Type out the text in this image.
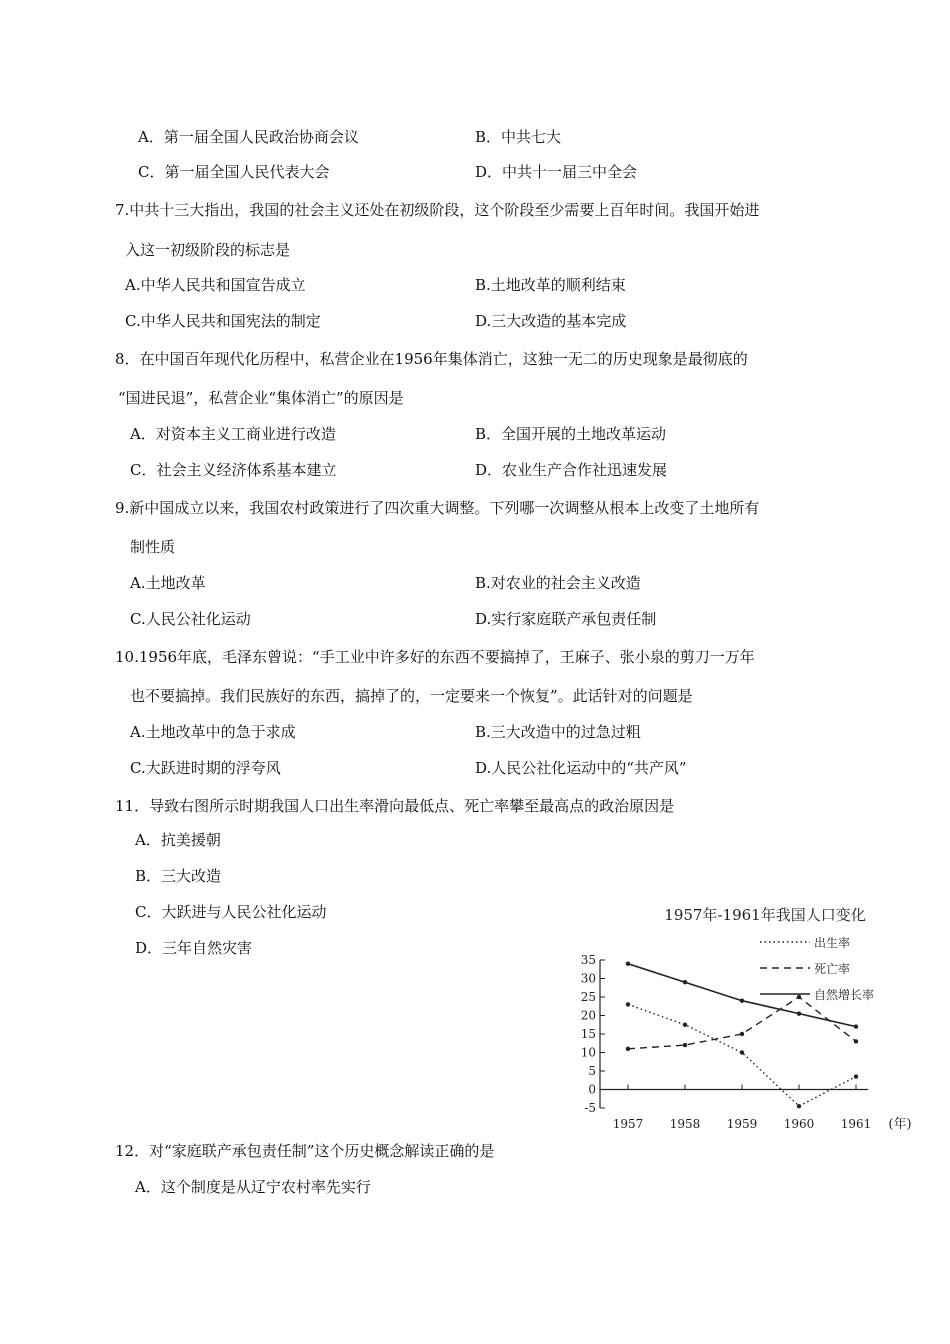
A．第一届全国人民政治协商会议	B．中共七大
C．第一届全国人民代表大会	D．中共十一届三中全会
7.中共十三大指出，我国的社会主义还处在初级阶段，这个阶段至少需要上百年时间。我国开始进
入这一初级阶段的标志是
A.中华人民共和国宣告成立	B.土地改革的顺利结束
C.中华人民共和国宪法的制定	D.三大改造的基本完成
8．在中国百年现代化历程中，私营企业在1956年集体消亡，这独一无二的历史现象是最彻底的
“国进民退”，私营企业“集体消亡”的原因是
A．对资本主义工商业进行改造	B．全国开展的土地改革运动
C．社会主义经济体系基本建立	D．农业生产合作社迅速发展
9.新中国成立以来，我国农村政策进行了四次重大调整。下列哪一次调整从根本上改变了土地所有
制性质
A.土地改革	B.对农业的社会主义改造
C.人民公社化运动	D.实行家庭联产承包责任制
10.1956年底，毛泽东曾说：“手工业中许多好的东西不要搞掉了，王麻子、张小泉的剪刀一万年
也不要搞掉。我们民族好的东西，搞掉了的，一定要来一个恢复”。此话针对的问题是
A.土地改革中的急于求成	B.三大改造中的过急过粗
C.大跃进时期的浮夸风	D.人民公社化运动中的“共产风”
11．导致右图所示时期我国人口出生率滑向最低点、死亡率攀至最高点的政治原因是
A．抗美援朝
B．三大改造
C．大跃进与人民公社化运动
D．三年自然灾害
1957年-1961年我国人口变化
出生率
死亡率
自然增长率
-5
0
5
10
15
20
25
30
35
1957 1958 1959 1960 1961 (年)
12．对“家庭联产承包责任制”这个历史概念解读正确的是
A．这个制度是从辽宁农村率先实行
